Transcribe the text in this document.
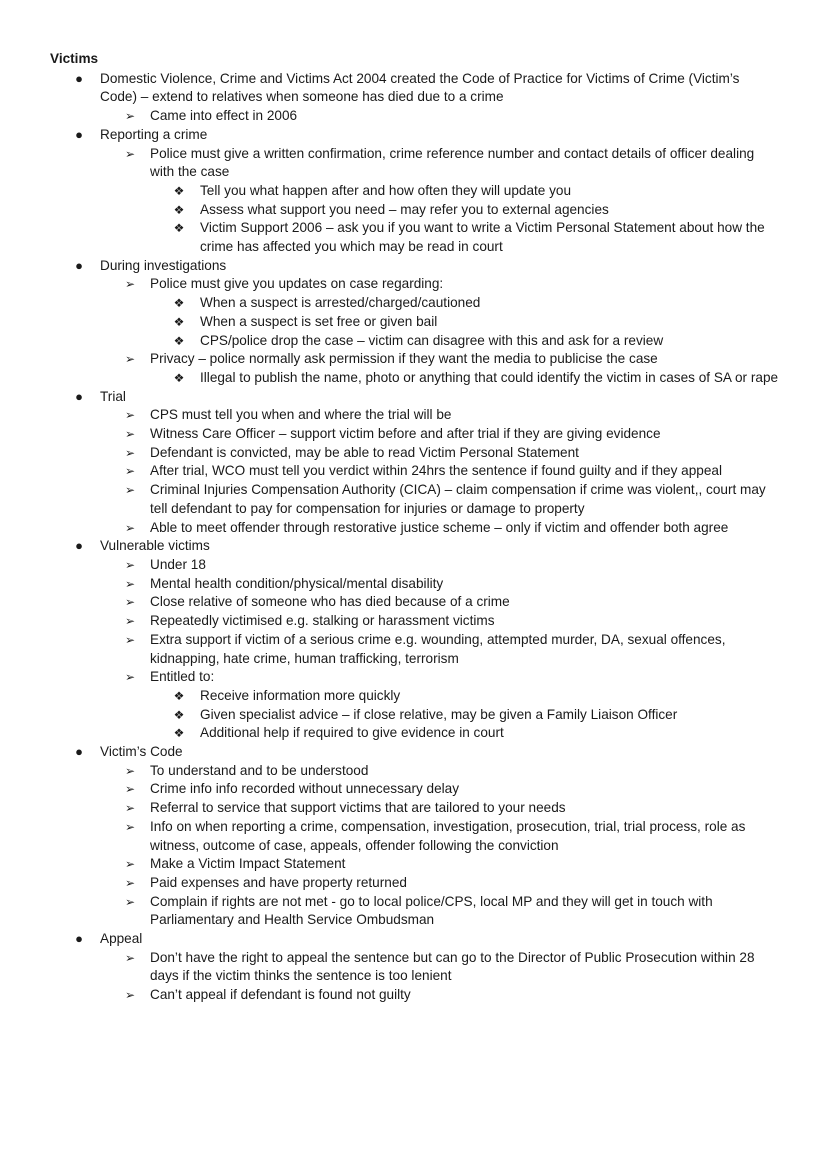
Victims
●	Domestic Violence, Crime and Victims Act 2004 created the Code of Practice for Victims of Crime (Victim’s Code) – extend to relatives when someone has died due to a crime
➢	Came into effect in 2006
●	Reporting a crime
➢	Police must give a written confirmation, crime reference number and contact details of officer dealing with the case
❖	Tell you what happen after and how often they will update you
❖	Assess what support you need – may refer you to external agencies
❖	Victim Support 2006 – ask you if you want to write a Victim Personal Statement about how the crime has affected you which may be read in court
●	During investigations
➢	Police must give you updates on case regarding:
❖	When a suspect is arrested/charged/cautioned
❖	When a suspect is set free or given bail
❖	CPS/police drop the case – victim can disagree with this and ask for a review
➢	Privacy – police normally ask permission if they want the media to publicise the case
❖	Illegal to publish the name, photo or anything that could identify the victim in cases of SA or rape
●	Trial
➢	CPS must tell you when and where the trial will be
➢	Witness Care Officer – support victim before and after trial if they are giving evidence
➢	Defendant is convicted, may be able to read Victim Personal Statement
➢	After trial, WCO must tell you verdict within 24hrs the sentence if found guilty and if they appeal
➢	Criminal Injuries Compensation Authority (CICA) – claim compensation if crime was violent,, court may tell defendant to pay for compensation for injuries or damage to property
➢	Able to meet offender through restorative justice scheme – only if victim and offender both agree
●	Vulnerable victims
➢	Under 18
➢	Mental health condition/physical/mental disability
➢	Close relative of someone who has died because of a crime
➢	Repeatedly victimised e.g. stalking or harassment victims
➢	Extra support if victim of a serious crime e.g. wounding, attempted murder, DA, sexual offences, kidnapping, hate crime, human trafficking, terrorism
➢	Entitled to:
❖	Receive information more quickly
❖	Given specialist advice – if close relative, may be given a Family Liaison Officer
❖	Additional help if required to give evidence in court
●	Victim’s Code
➢	To understand and to be understood
➢	Crime info info recorded without unnecessary delay
➢	Referral to service that support victims that are tailored to your needs
➢	Info on when reporting a crime, compensation, investigation, prosecution, trial, trial process, role as witness, outcome of case, appeals, offender following the conviction
➢	Make a Victim Impact Statement
➢	Paid expenses and have property returned
➢	Complain if rights are not met - go to local police/CPS, local MP and they will get in touch with Parliamentary and Health Service Ombudsman
●	Appeal
➢	Don’t have the right to appeal the sentence but can go to the Director of Public Prosecution within 28 days if the victim thinks the sentence is too lenient
➢	Can’t appeal if defendant is found not guilty
